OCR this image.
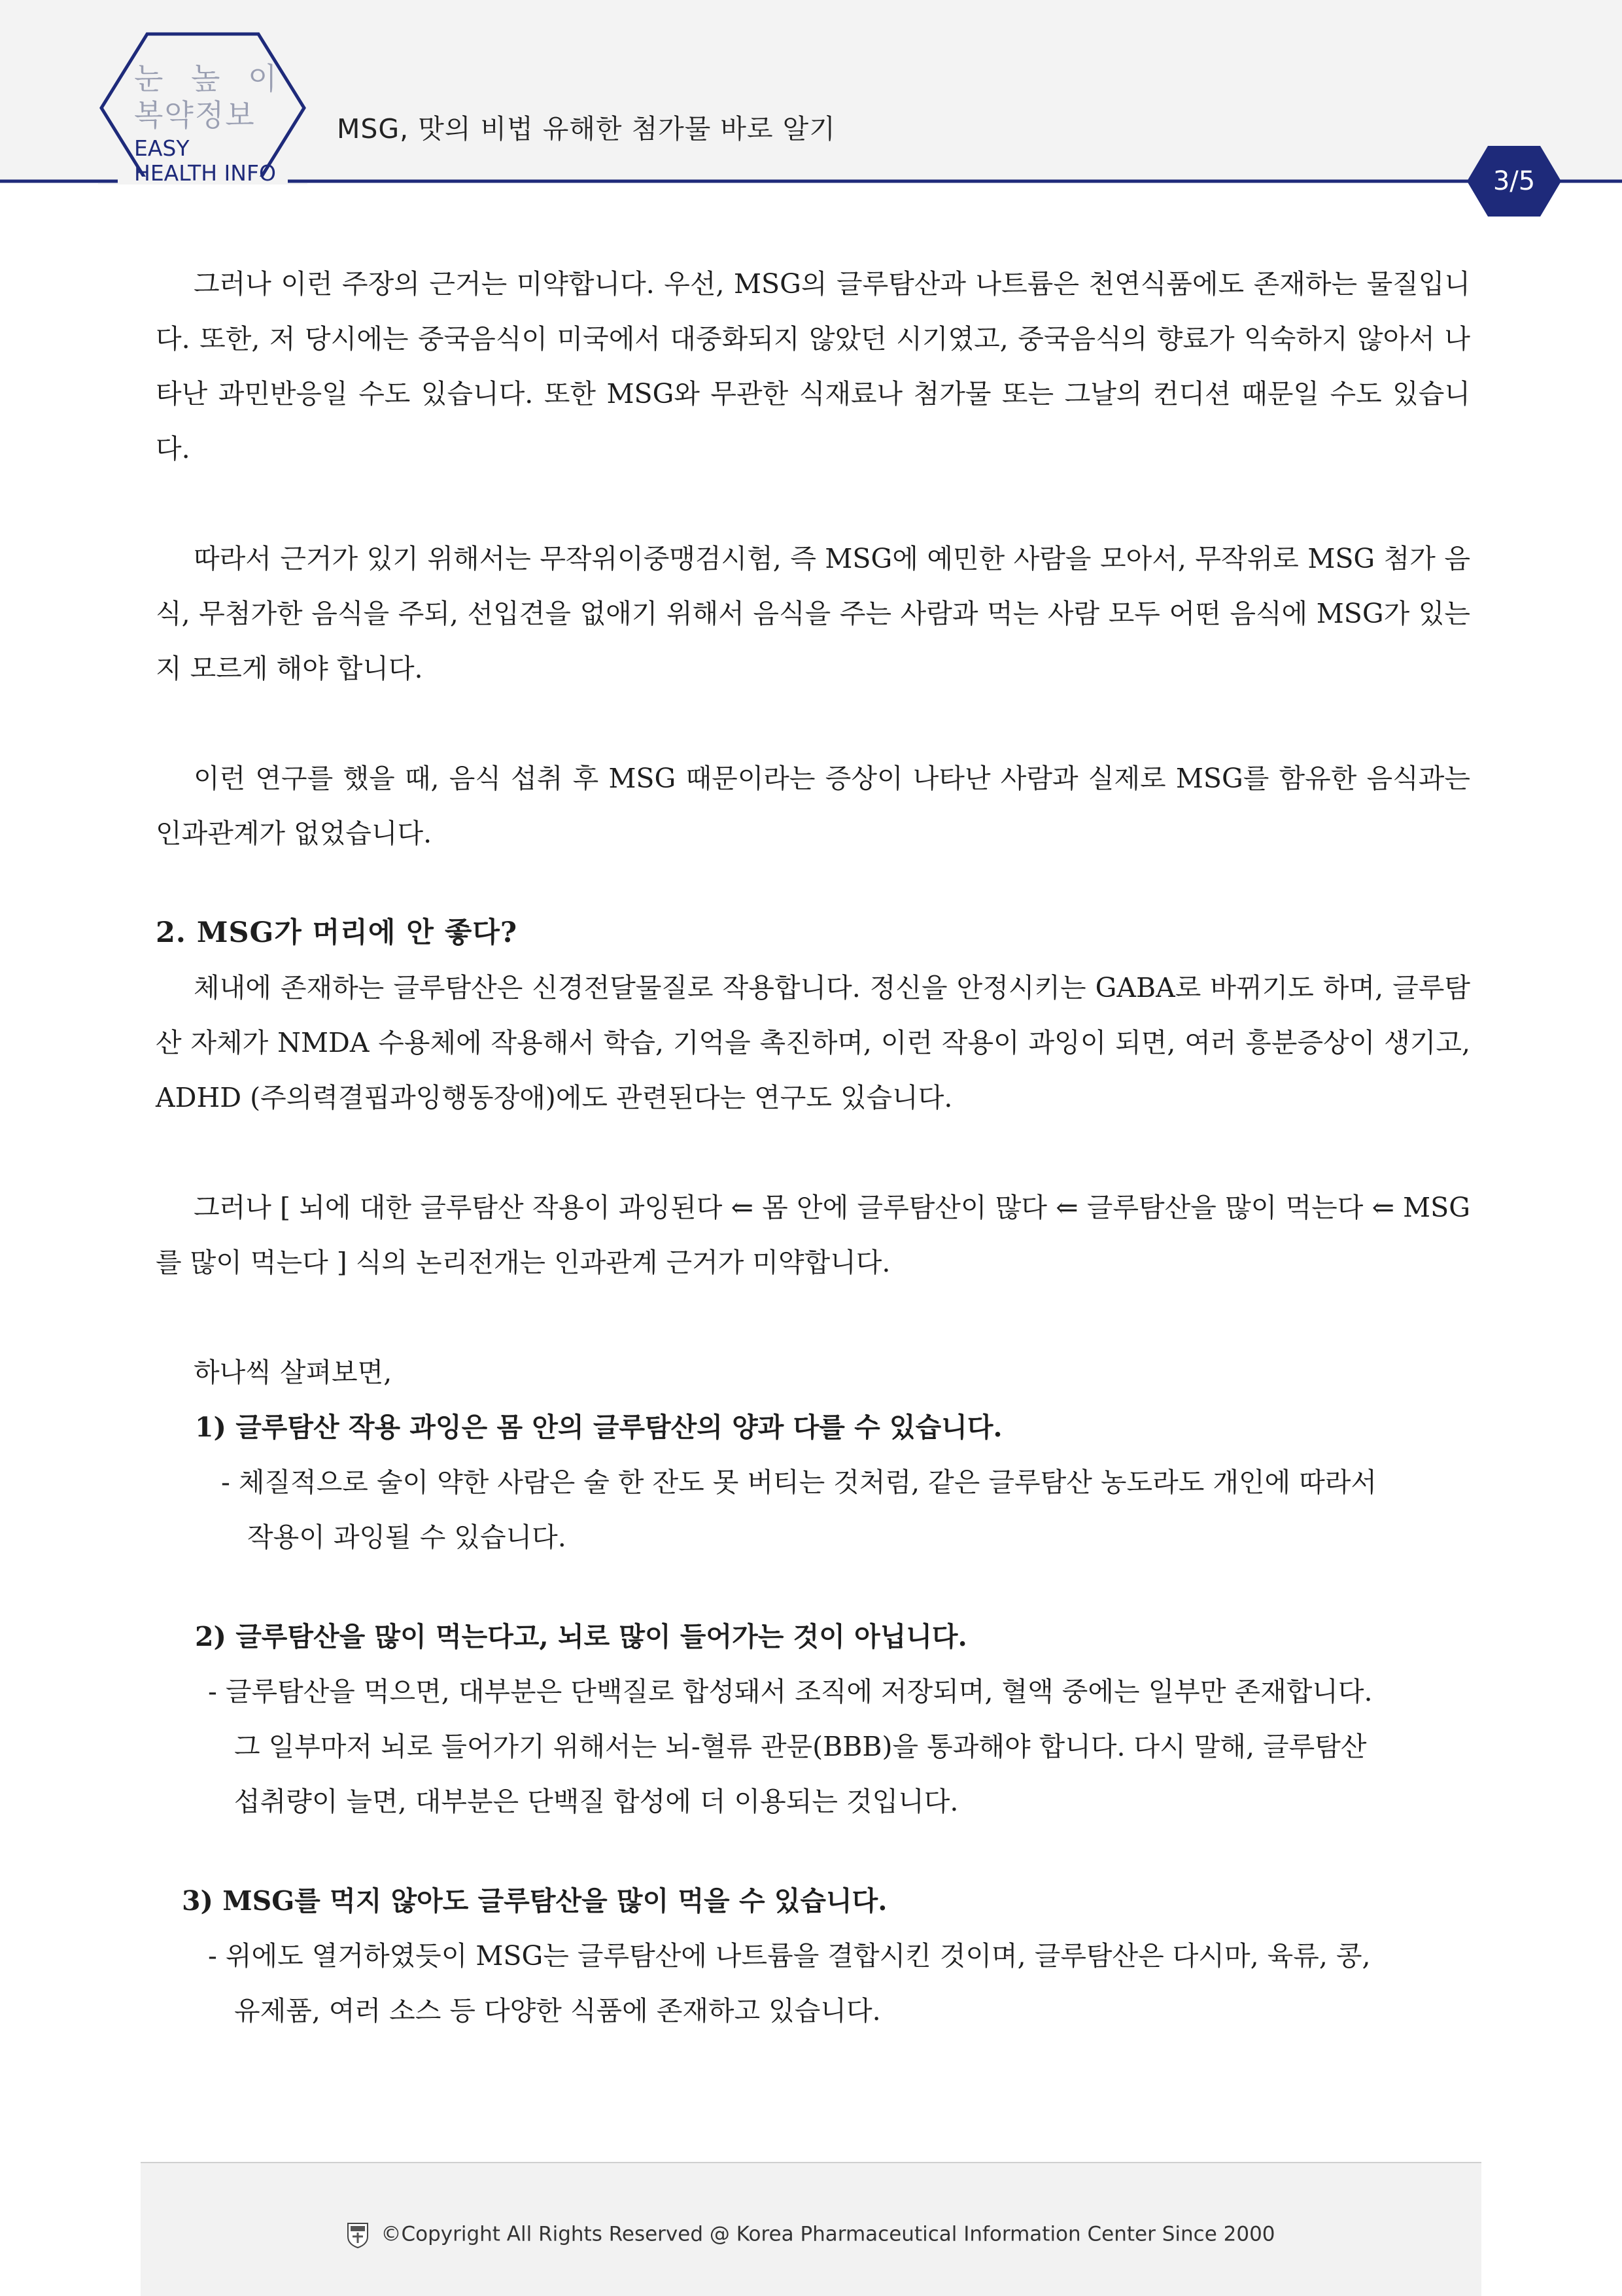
눈 높 이
복약정보
EASY
HEALTH INFO
MSG, 맛의 비법 유해한 첨가물 바로 알기
3/5

그러나 이런 주장의 근거는 미약합니다. 우선, MSG의 글루탐산과 나트륨은 천연식품에도 존재하는 물질입니다. 또한, 저 당시에는 중국음식이 미국에서 대중화되지 않았던 시기였고, 중국음식의 향료가 익숙하지 않아서 나타난 과민반응일 수도 있습니다. 또한 MSG와 무관한 식재료나 첨가물 또는 그날의 컨디션 때문일 수도 있습니다.

따라서 근거가 있기 위해서는 무작위이중맹검시험, 즉 MSG에 예민한 사람을 모아서, 무작위로 MSG 첨가 음식, 무첨가한 음식을 주되, 선입견을 없애기 위해서 음식을 주는 사람과 먹는 사람 모두 어떤 음식에 MSG가 있는지 모르게 해야 합니다.

이런 연구를 했을 때, 음식 섭취 후 MSG 때문이라는 증상이 나타난 사람과 실제로 MSG를 함유한 음식과는 인과관계가 없었습니다.

2. MSG가 머리에 안 좋다?

체내에 존재하는 글루탐산은 신경전달물질로 작용합니다. 정신을 안정시키는 GABA로 바뀌기도 하며, 글루탐산 자체가 NMDA 수용체에 작용해서 학습, 기억을 촉진하며, 이런 작용이 과잉이 되면, 여러 흥분증상이 생기고, ADHD (주의력결핍과잉행동장애)에도 관련된다는 연구도 있습니다.

그러나 [ 뇌에 대한 글루탐산 작용이 과잉된다 ⇐ 몸 안에 글루탐산이 많다 ⇐ 글루탐산을 많이 먹는다 ⇐ MSG를 많이 먹는다 ] 식의 논리전개는 인과관계 근거가 미약합니다.

하나씩 살펴보면,

1) 글루탐산 작용 과잉은 몸 안의 글루탐산의 양과 다를 수 있습니다.

- 체질적으로 술이 약한 사람은 술 한 잔도 못 버티는 것처럼, 같은 글루탐산 농도라도 개인에 따라서

작용이 과잉될 수 있습니다.

2) 글루탐산을 많이 먹는다고, 뇌로 많이 들어가는 것이 아닙니다.

- 글루탐산을 먹으면, 대부분은 단백질로 합성돼서 조직에 저장되며, 혈액 중에는 일부만 존재합니다.

그 일부마저 뇌로 들어가기 위해서는 뇌-혈류 관문(BBB)을 통과해야 합니다. 다시 말해, 글루탐산

섭취량이 늘면, 대부분은 단백질 합성에 더 이용되는 것입니다.

3) MSG를 먹지 않아도 글루탐산을 많이 먹을 수 있습니다.

- 위에도 열거하였듯이 MSG는 글루탐산에 나트륨을 결합시킨 것이며, 글루탐산은 다시마, 육류, 콩,

유제품, 여러 소스 등 다양한 식품에 존재하고 있습니다.

©Copyright All Rights Reserved @ Korea Pharmaceutical Information Center Since 2000
